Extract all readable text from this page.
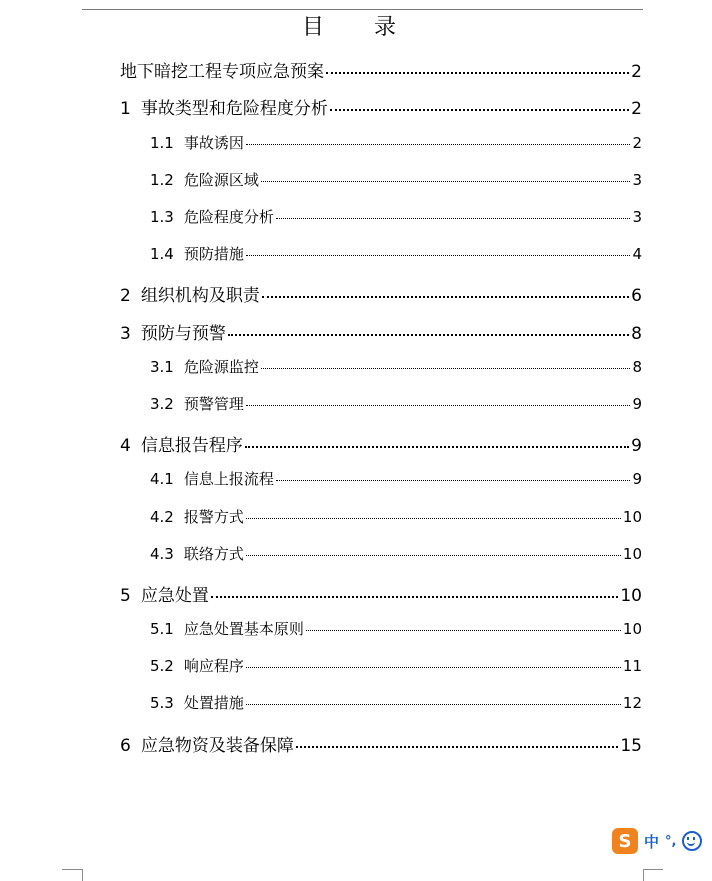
目　录
地下暗挖工程专项应急预案	2
1 事故类型和危险程度分析	2
1.1 事故诱因	2
1.2 危险源区域	3
1.3 危险程度分析	3
1.4 预防措施	4
2 组织机构及职责	6
3 预防与预警	8
3.1 危险源监控	8
3.2 预警管理	9
4 信息报告程序	9
4.1 信息上报流程	9
4.2 报警方式	10
4.3 联络方式	10
5 应急处置	10
5.1 应急处置基本原则	10
5.2 响应程序	11
5.3 处置措施	12
6 应急物资及装备保障	15
S 中 °,
